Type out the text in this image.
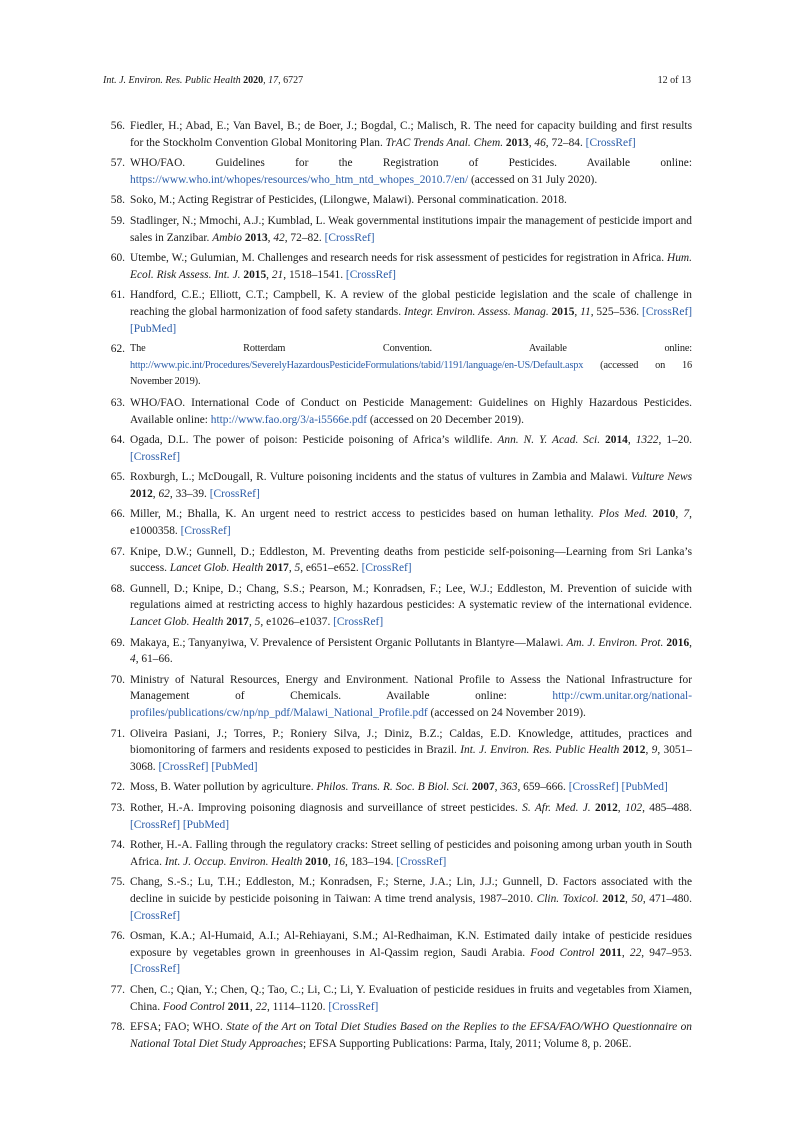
Int. J. Environ. Res. Public Health 2020, 17, 6727	12 of 13
56. Fiedler, H.; Abad, E.; Van Bavel, B.; de Boer, J.; Bogdal, C.; Malisch, R. The need for capacity building and first results for the Stockholm Convention Global Monitoring Plan. TrAC Trends Anal. Chem. 2013, 46, 72–84. [CrossRef]
57. WHO/FAO. Guidelines for the Registration of Pesticides. Available online: https://www.who.int/whopes/resources/who_htm_ntd_whopes_2010.7/en/ (accessed on 31 July 2020).
58. Soko, M.; Acting Registrar of Pesticides, (Lilongwe, Malawi). Personal comminatication. 2018.
59. Stadlinger, N.; Mmochi, A.J.; Kumblad, L. Weak governmental institutions impair the management of pesticide import and sales in Zanzibar. Ambio 2013, 42, 72–82. [CrossRef]
60. Utembe, W.; Gulumian, M. Challenges and research needs for risk assessment of pesticides for registration in Africa. Hum. Ecol. Risk Assess. Int. J. 2015, 21, 1518–1541. [CrossRef]
61. Handford, C.E.; Elliott, C.T.; Campbell, K. A review of the global pesticide legislation and the scale of challenge in reaching the global harmonization of food safety standards. Integr. Environ. Assess. Manag. 2015, 11, 525–536. [CrossRef] [PubMed]
62. The Rotterdam Convention. Available online: http://www.pic.int/Procedures/SeverelyHazardousPesticideFormulations/tabid/1191/language/en-US/Default.aspx (accessed on 16 November 2019).
63. WHO/FAO. International Code of Conduct on Pesticide Management: Guidelines on Highly Hazardous Pesticides. Available online: http://www.fao.org/3/a-i5566e.pdf (accessed on 20 December 2019).
64. Ogada, D.L. The power of poison: Pesticide poisoning of Africa’s wildlife. Ann. N. Y. Acad. Sci. 2014, 1322, 1–20. [CrossRef]
65. Roxburgh, L.; McDougall, R. Vulture poisoning incidents and the status of vultures in Zambia and Malawi. Vulture News 2012, 62, 33–39. [CrossRef]
66. Miller, M.; Bhalla, K. An urgent need to restrict access to pesticides based on human lethality. Plos Med. 2010, 7, e1000358. [CrossRef]
67. Knipe, D.W.; Gunnell, D.; Eddleston, M. Preventing deaths from pesticide self-poisoning—Learning from Sri Lanka’s success. Lancet Glob. Health 2017, 5, e651–e652. [CrossRef]
68. Gunnell, D.; Knipe, D.; Chang, S.S.; Pearson, M.; Konradsen, F.; Lee, W.J.; Eddleston, M. Prevention of suicide with regulations aimed at restricting access to highly hazardous pesticides: A systematic review of the international evidence. Lancet Glob. Health 2017, 5, e1026–e1037. [CrossRef]
69. Makaya, E.; Tanyanyiwa, V. Prevalence of Persistent Organic Pollutants in Blantyre—Malawi. Am. J. Environ. Prot. 2016, 4, 61–66.
70. Ministry of Natural Resources, Energy and Environment. National Profile to Assess the National Infrastructure for Management of Chemicals. Available online: http://cwm.unitar.org/national-profiles/publications/cw/np/np_pdf/Malawi_National_Profile.pdf (accessed on 24 November 2019).
71. Oliveira Pasiani, J.; Torres, P.; Roniery Silva, J.; Diniz, B.Z.; Caldas, E.D. Knowledge, attitudes, practices and biomonitoring of farmers and residents exposed to pesticides in Brazil. Int. J. Environ. Res. Public Health 2012, 9, 3051–3068. [CrossRef] [PubMed]
72. Moss, B. Water pollution by agriculture. Philos. Trans. R. Soc. B Biol. Sci. 2007, 363, 659–666. [CrossRef] [PubMed]
73. Rother, H.-A. Improving poisoning diagnosis and surveillance of street pesticides. S. Afr. Med. J. 2012, 102, 485–488. [CrossRef] [PubMed]
74. Rother, H.-A. Falling through the regulatory cracks: Street selling of pesticides and poisoning among urban youth in South Africa. Int. J. Occup. Environ. Health 2010, 16, 183–194. [CrossRef]
75. Chang, S.-S.; Lu, T.H.; Eddleston, M.; Konradsen, F.; Sterne, J.A.; Lin, J.J.; Gunnell, D. Factors associated with the decline in suicide by pesticide poisoning in Taiwan: A time trend analysis, 1987–2010. Clin. Toxicol. 2012, 50, 471–480. [CrossRef]
76. Osman, K.A.; Al-Humaid, A.I.; Al-Rehiayani, S.M.; Al-Redhaiman, K.N. Estimated daily intake of pesticide residues exposure by vegetables grown in greenhouses in Al-Qassim region, Saudi Arabia. Food Control 2011, 22, 947–953. [CrossRef]
77. Chen, C.; Qian, Y.; Chen, Q.; Tao, C.; Li, C.; Li, Y. Evaluation of pesticide residues in fruits and vegetables from Xiamen, China. Food Control 2011, 22, 1114–1120. [CrossRef]
78. EFSA; FAO; WHO. State of the Art on Total Diet Studies Based on the Replies to the EFSA/FAO/WHO Questionnaire on National Total Diet Study Approaches; EFSA Supporting Publications: Parma, Italy, 2011; Volume 8, p. 206E.
